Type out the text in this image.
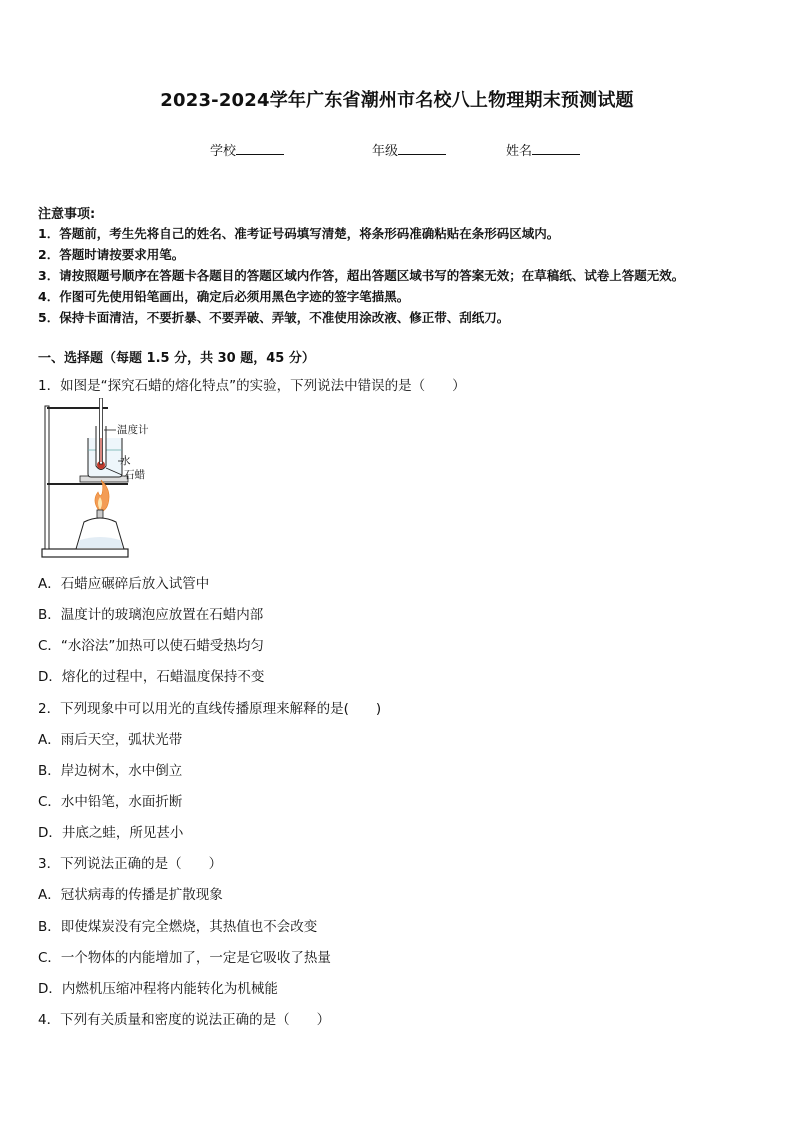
2023-2024学年广东省潮州市名校八上物理期末预测试题
学校	年级	姓名
注意事项:
1．答题前，考生先将自己的姓名、准考证号码填写清楚，将条形码准确粘贴在条形码区域内。
2．答题时请按要求用笔。
3．请按照题号顺序在答题卡各题目的答题区域内作答，超出答题区域书写的答案无效；在草稿纸、试卷上答题无效。
4．作图可先使用铅笔画出，确定后必须用黑色字迹的签字笔描黑。
5．保持卡面清洁，不要折暴、不要弄破、弄皱，不准使用涂改液、修正带、刮纸刀。
一、选择题（每题 1.5 分，共 30 题，45 分）
1．如图是“探究石蜡的熔化特点”的实验，下列说法中错误的是（　　）
温度计
水
石蜡
A．石蜡应碾碎后放入试管中
B．温度计的玻璃泡应放置在石蜡内部
C．“水浴法”加热可以使石蜡受热均匀
D．熔化的过程中，石蜡温度保持不变
2．下列现象中可以用光的直线传播原理来解释的是(　　)
A．雨后天空，弧状光带
B．岸边树木，水中倒立
C．水中铅笔，水面折断
D．井底之蛙，所见甚小
3．下列说法正确的是（　　）
A．冠状病毒的传播是扩散现象
B．即使煤炭没有完全燃烧，其热值也不会改变
C．一个物体的内能增加了，一定是它吸收了热量
D．内燃机压缩冲程将内能转化为机械能
4．下列有关质量和密度的说法正确的是（　　）
